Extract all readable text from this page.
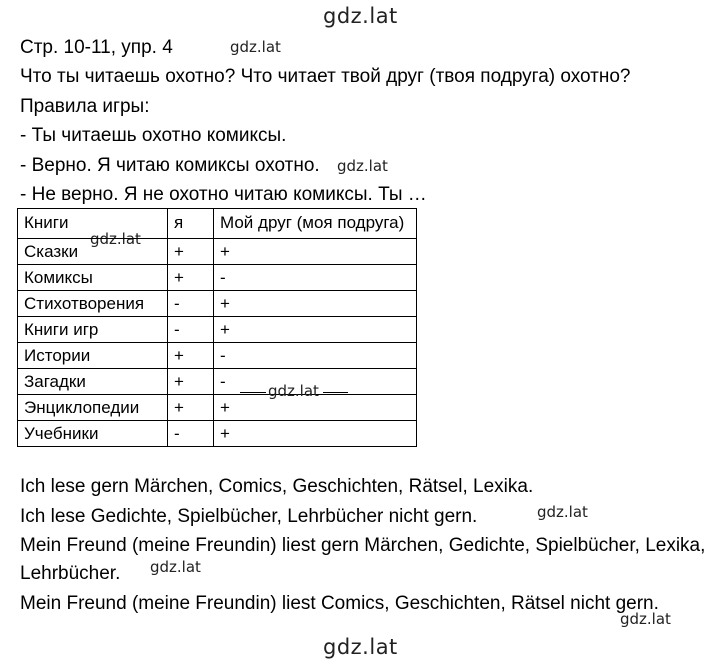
gdz.lat
gdz.lat
gdz.lat
gdz.lat
gdz.lat
gdz.lat
gdz.lat
gdz.lat
Стр. 10-11, упр. 4
Что ты читаешь охотно? Что читает твой друг (твоя подруга) охотно?
Правила игры:
- Ты читаешь охотно комиксы.
- Верно. Я читаю комиксы охотно.
- Не верно. Я не охотно читаю комиксы. Ты …
Книги	я	Мой друг (моя подруга)
Сказки	+	+
Комиксы	+	-
Стихотворения	-	+
Книги игр	-	+
Истории	+	-
Загадки	+	-
Энциклопедии	+	+
Учебники	-	+
gdz.lat
Ich lese gern Märchen, Comics, Geschichten, Rätsel, Lexika.
Ich lese Gedichte, Spielbücher, Lehrbücher nicht gern.
Mein Freund (meine Freundin) liest gern Märchen, Gedichte, Spielbücher, Lexika,
Lehrbücher.
Mein Freund (meine Freundin) liest Comics, Geschichten, Rätsel nicht gern.
